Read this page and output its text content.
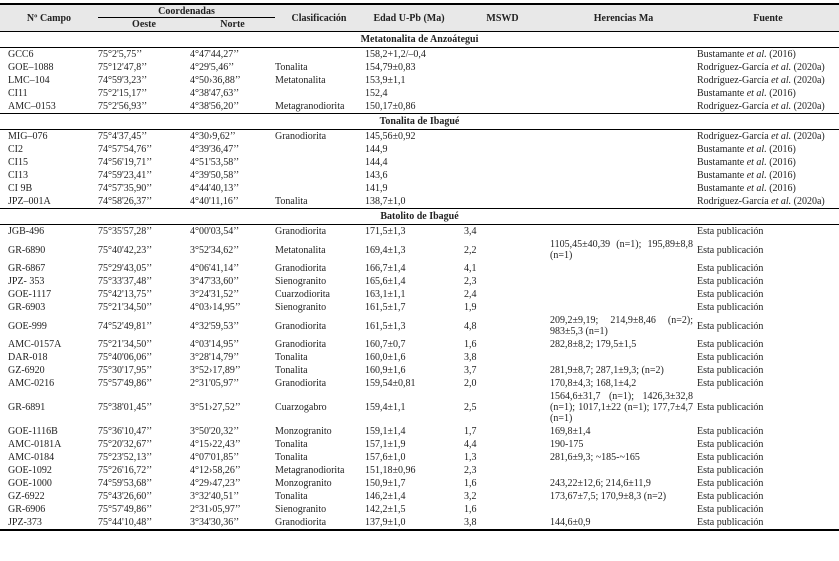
Nº Campo	Coordenadas		Clasificación	Edad U-Pb (Ma)	MSWD	Herencias Ma	Fuente
	Oeste	Norte					
Metatonalita de Anzoátegui							
GCC6	75°2'5,75’’	4°47'44,27’’		158,2+1,2/–0,4			Bustamante et al. (2016)
GOE–1088	75°12'47,8’’	4°29'5,46’’	Tonalita	154,79±0,83			Rodríguez-García et al. (2020a)
LMC–104	74°59'3,23’’	4°50›36,88’’	Metatonalita	153,9±1,1			Rodríguez-García et al. (2020a)
CI11	75°2'15,17’’	4°38'47,63’’		152,4			Bustamante et al. (2016)
AMC–0153	75°2'56,93’’	4°38'56,20’’	Metagranodiorita	150,17±0,86			Rodríguez-García et al. (2020a)
Tonalita de Ibagué							
MIG–076	75°4'37,45’’	4°30›9,62’’	Granodiorita	145,56±0,92			Rodríguez-García et al. (2020a)
CI2	74°57'54,76’’	4°39'36,47’’		144,9			Bustamante et al. (2016)
CI15	74°56'19,71’’	4°51'53,58’’		144,4			Bustamante et al. (2016)
CI13	74°59'23,41’’	4°39'50,58’’		143,6			Bustamante et al. (2016)
CI 9B	74°57'35,90’’	4°44'40,13’’		141,9			Bustamante et al. (2016)
JPZ–001A	74°58'26,37’’	4°40'11,16’’	Tonalita	138,7±1,0			Rodríguez-García et al. (2020a)
Batolito de Ibagué							
JGB-496	75°35'57,28’’	4°00'03,54’’	Granodiorita	171,5±1,3	3,4		Esta publicación
GR-6890	75°40'42,23’’	3°52'34,62’’	Metatonalita	169,4±1,3	2,2	1105,45±40,39 (n=1); 195,89±8,8 (n=1)	Esta publicación
GR-6867	75°29'43,05’’	4°06'41,14’’	Granodiorita	166,7±1,4	4,1		Esta publicación
JPZ- 353	75°33'37,48’’	3°47'33,60’’	Sienogranito	165,6±1,4	2,3		Esta publicación
GOE-1117	75°42'13,75’’	3°24'31,52’’	Cuarzodiorita	163,1±1,1	2,4		Esta publicación
GR-6903	75°21'34,50’’	4°03›14,95’’	Sienogranito	161,5±1,7	1,9		Esta publicación
GOE-999	74°52'49,81’’	4°32'59,53’’	Granodiorita	161,5±1,3	4,8	209,2±9,19; 214,9±8,46 (n=2); 983±5,3 (n=1)	Esta publicación
AMC-0157A	75°21'34,50’’	4°03'14,95’’	Granodiorita	160,7±0,7	1,6	282,8±8,2; 179,5±1,5	Esta publicación
DAR-018	75°40'06,06’’	3°28'14,79’’	Tonalita	160,0±1,6	3,8		Esta publicación
GZ-6920	75°30'17,95’’	3°52›17,89’’	Tonalita	160,9±1,6	3,7	281,9±8,7; 287,1±9,3; (n=2)	Esta publicación
AMC-0216	75°57'49,86’’	2°31'05,97’’	Granodiorita	159,54±0,81	2,0	170,8±4,3; 168,1±4,2	Esta publicación
GR-6891	75°38'01,45’’	3°51›27,52’’	Cuarzogabro	159,4±1,1	2,5	1564,6±31,7 (n=1); 1426,3±32,8 (n=1); 1017,1±22 (n=1); 177,7±4,7 (n=1)	Esta publicación
GOE-1116B	75°36'10,47’’	3°50'20,32’’	Monzogranito	159,1±1,4	1,7	169,8±1,4	Esta publicación
AMC-0181A	75°20'32,67’’	4°15›22,43’’	Tonalita	157,1±1,9	4,4	190-175	Esta publicación
AMC-0184	75°23'52,13’’	4°07'01,85’’	Tonalita	157,6±1,0	1,3	281,6±9,3; ~185-~165	Esta publicación
GOE-1092	75°26'16,72’’	4°12›58,26’’	Metagranodiorita	151,18±0,96	2,3		Esta publicación
GOE-1000	74°59'53,68’’	4°29›47,23’’	Monzogranito	150,9±1,7	1,6	243,22±12,6; 214,6±11,9	Esta publicación
GZ-6922	75°43'26,60’’	3°32'40,51’’	Tonalita	146,2±1,4	3,2	173,67±7,5; 170,9±8,3 (n=2)	Esta publicación
GR-6906	75°57'49,86’’	2°31›05,97’’	Sienogranito	142,2±1,5	1,6		Esta publicación
JPZ-373	75°44'10,48’’	3°34'30,36’’	Granodiorita	137,9±1,0	3,8	144,6±0,9	Esta publicación
